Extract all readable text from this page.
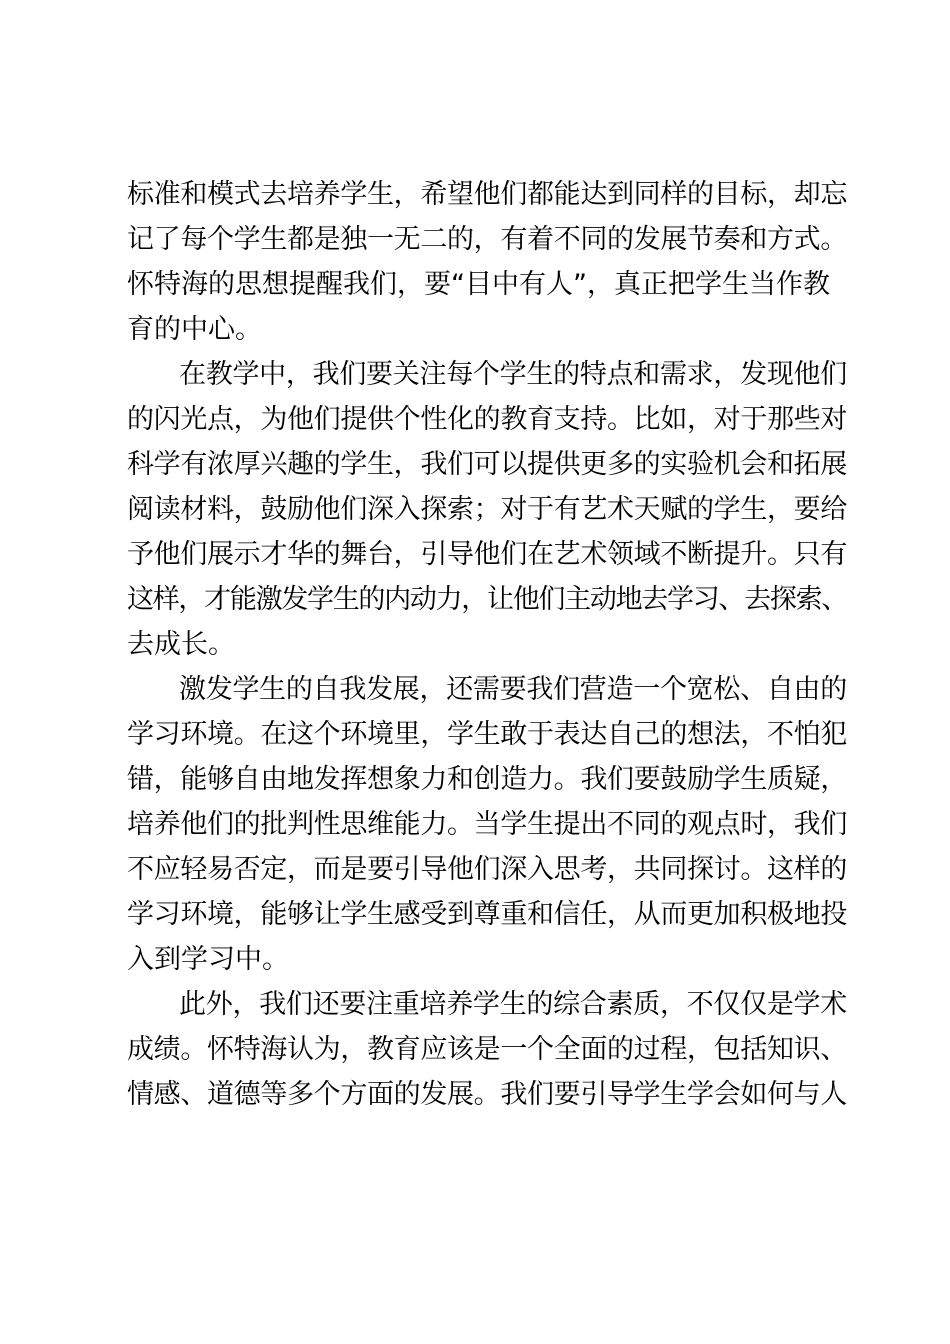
标准和模式去培养学生，希望他们都能达到同样的目标，却忘
记了每个学生都是独一无二的，有着不同的发展节奏和方式。
怀特海的思想提醒我们，要“目中有人”，真正把学生当作教
育的中心。
在教学中，我们要关注每个学生的特点和需求，发现他们
的闪光点，为他们提供个性化的教育支持。比如，对于那些对
科学有浓厚兴趣的学生，我们可以提供更多的实验机会和拓展
阅读材料，鼓励他们深入探索；对于有艺术天赋的学生，要给
予他们展示才华的舞台，引导他们在艺术领域不断提升。只有
这样，才能激发学生的内动力，让他们主动地去学习、去探索、
去成长。
激发学生的自我发展，还需要我们营造一个宽松、自由的
学习环境。在这个环境里，学生敢于表达自己的想法，不怕犯
错，能够自由地发挥想象力和创造力。我们要鼓励学生质疑，
培养他们的批判性思维能力。当学生提出不同的观点时，我们
不应轻易否定，而是要引导他们深入思考，共同探讨。这样的
学习环境，能够让学生感受到尊重和信任，从而更加积极地投
入到学习中。
此外，我们还要注重培养学生的综合素质，不仅仅是学术
成绩。怀特海认为，教育应该是一个全面的过程，包括知识、
情感、道德等多个方面的发展。我们要引导学生学会如何与人
